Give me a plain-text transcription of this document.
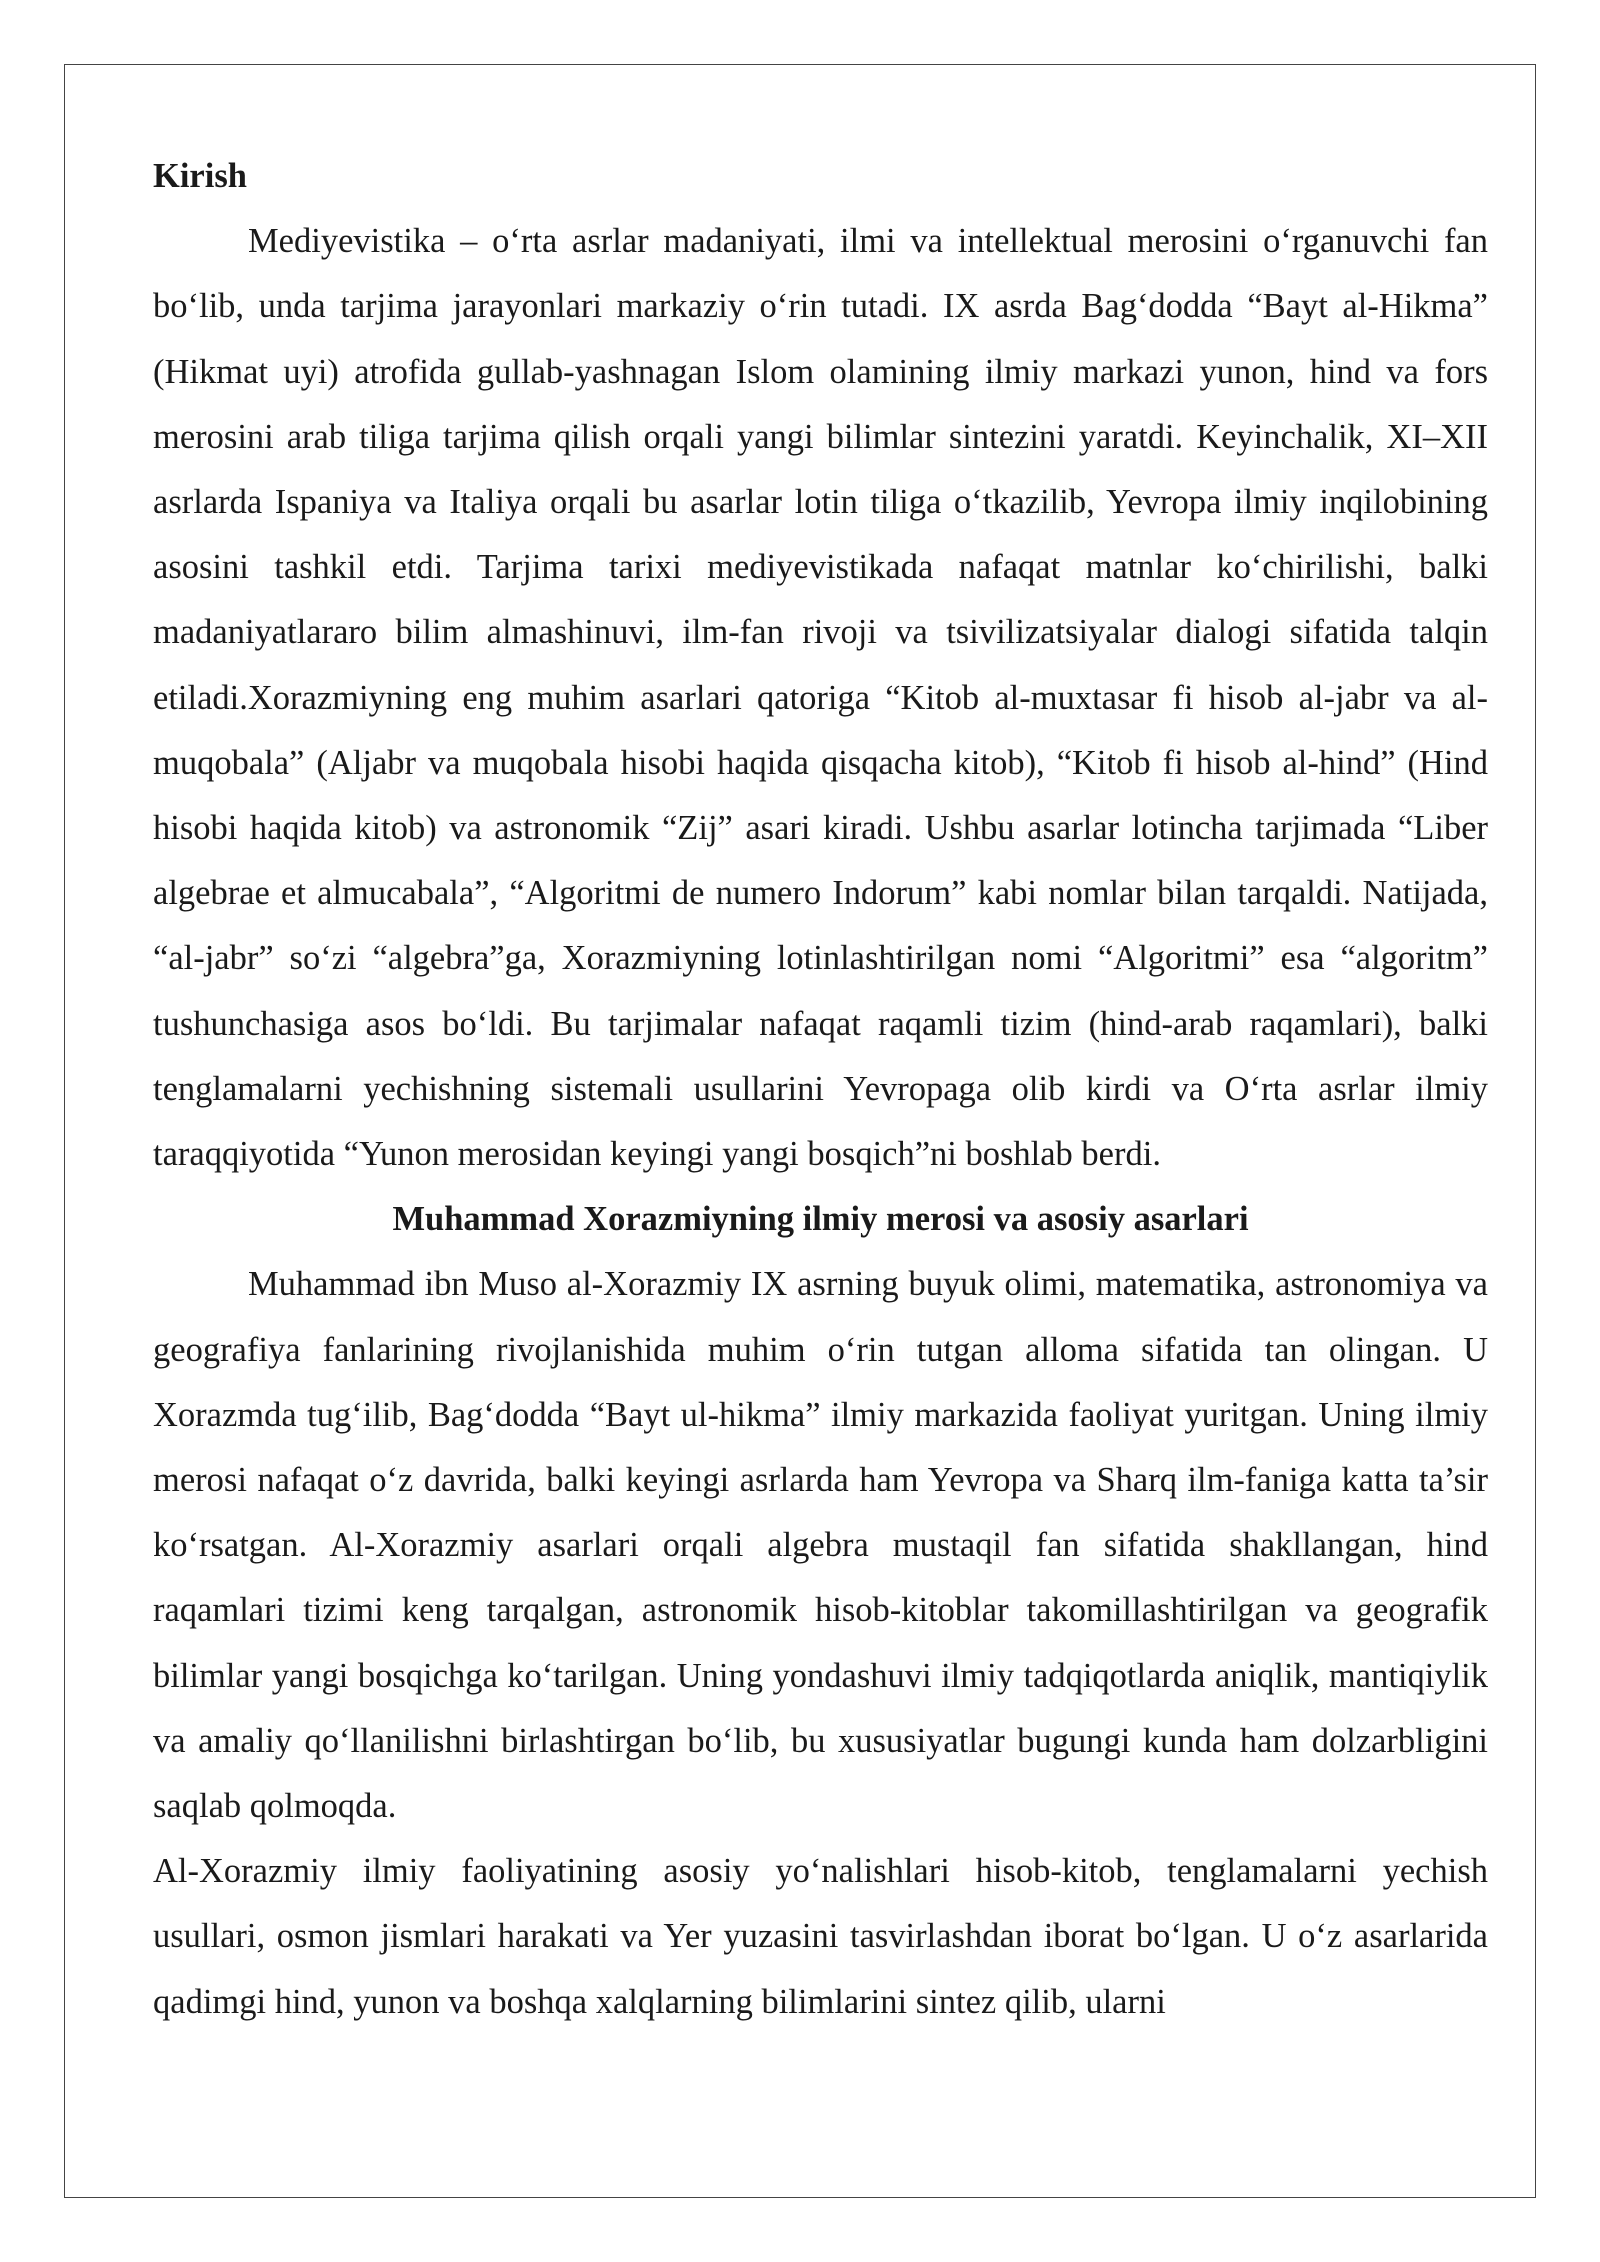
Kirish

Mediyevistika – o‘rta asrlar madaniyati, ilmi va intellektual merosini o‘rganuvchi fan bo‘lib, unda tarjima jarayonlari markaziy o‘rin tutadi. IX asrda Bag‘dodda “Bayt al-Hikma” (Hikmat uyi) atrofida gullab-yashnagan Islom olamining ilmiy markazi yunon, hind va fors merosini arab tiliga tarjima qilish orqali yangi bilimlar sintezini yaratdi. Keyinchalik, XI–XII asrlarda Ispaniya va Italiya orqali bu asarlar lotin tiliga o‘tkazilib, Yevropa ilmiy inqilobining asosini tashkil etdi. Tarjima tarixi mediyevistikada nafaqat matnlar ko‘chirilishi, balki madaniyatlararo bilim almashinuvi, ilm-fan rivoji va tsivilizatsiyalar dialogi sifatida talqin etiladi.Xorazmiyning eng muhim asarlari qatoriga “Kitob al-muxtasar fi hisob al-jabr va al-muqobala” (Aljabr va muqobala hisobi haqida qisqacha kitob), “Kitob fi hisob al-hind” (Hind hisobi haqida kitob) va astronomik “Zij” asari kiradi. Ushbu asarlar lotincha tarjimada “Liber algebrae et almucabala”, “Algoritmi de numero Indorum” kabi nomlar bilan tarqaldi. Natijada, “al-jabr” so‘zi “algebra”ga, Xorazmiyning lotinlashtirilgan nomi “Algoritmi” esa “algoritm” tushunchasiga asos bo‘ldi. Bu tarjimalar nafaqat raqamli tizim (hind-arab raqamlari), balki tenglamalarni yechishning sistemali usullarini Yevropaga olib kirdi va O‘rta asrlar ilmiy taraqqiyotida “Yunon merosidan keyingi yangi bosqich”ni boshlab berdi.

Muhammad Xorazmiyning ilmiy merosi va asosiy asarlari

Muhammad ibn Muso al-Xorazmiy IX asrning buyuk olimi, matematika, astronomiya va geografiya fanlarining rivojlanishida muhim o‘rin tutgan alloma sifatida tan olingan. U Xorazmda tug‘ilib, Bag‘dodda “Bayt ul-hikma” ilmiy markazida faoliyat yuritgan. Uning ilmiy merosi nafaqat o‘z davrida, balki keyingi asrlarda ham Yevropa va Sharq ilm-faniga katta ta’sir ko‘rsatgan. Al-Xorazmiy asarlari orqali algebra mustaqil fan sifatida shakllangan, hind raqamlari tizimi keng tarqalgan, astronomik hisob-kitoblar takomillashtirilgan va geografik bilimlar yangi bosqichga ko‘tarilgan. Uning yondashuvi ilmiy tadqiqotlarda aniqlik, mantiqiylik va amaliy qo‘llanilishni birlashtirgan bo‘lib, bu xususiyatlar bugungi kunda ham dolzarbligini saqlab qolmoqda.

Al-Xorazmiy ilmiy faoliyatining asosiy yo‘nalishlari hisob-kitob, tenglamalarni yechish usullari, osmon jismlari harakati va Yer yuzasini tasvirlashdan iborat bo‘lgan. U o‘z asarlarida qadimgi hind, yunon va boshqa xalqlarning bilimlarini sintez qilib, ularni
